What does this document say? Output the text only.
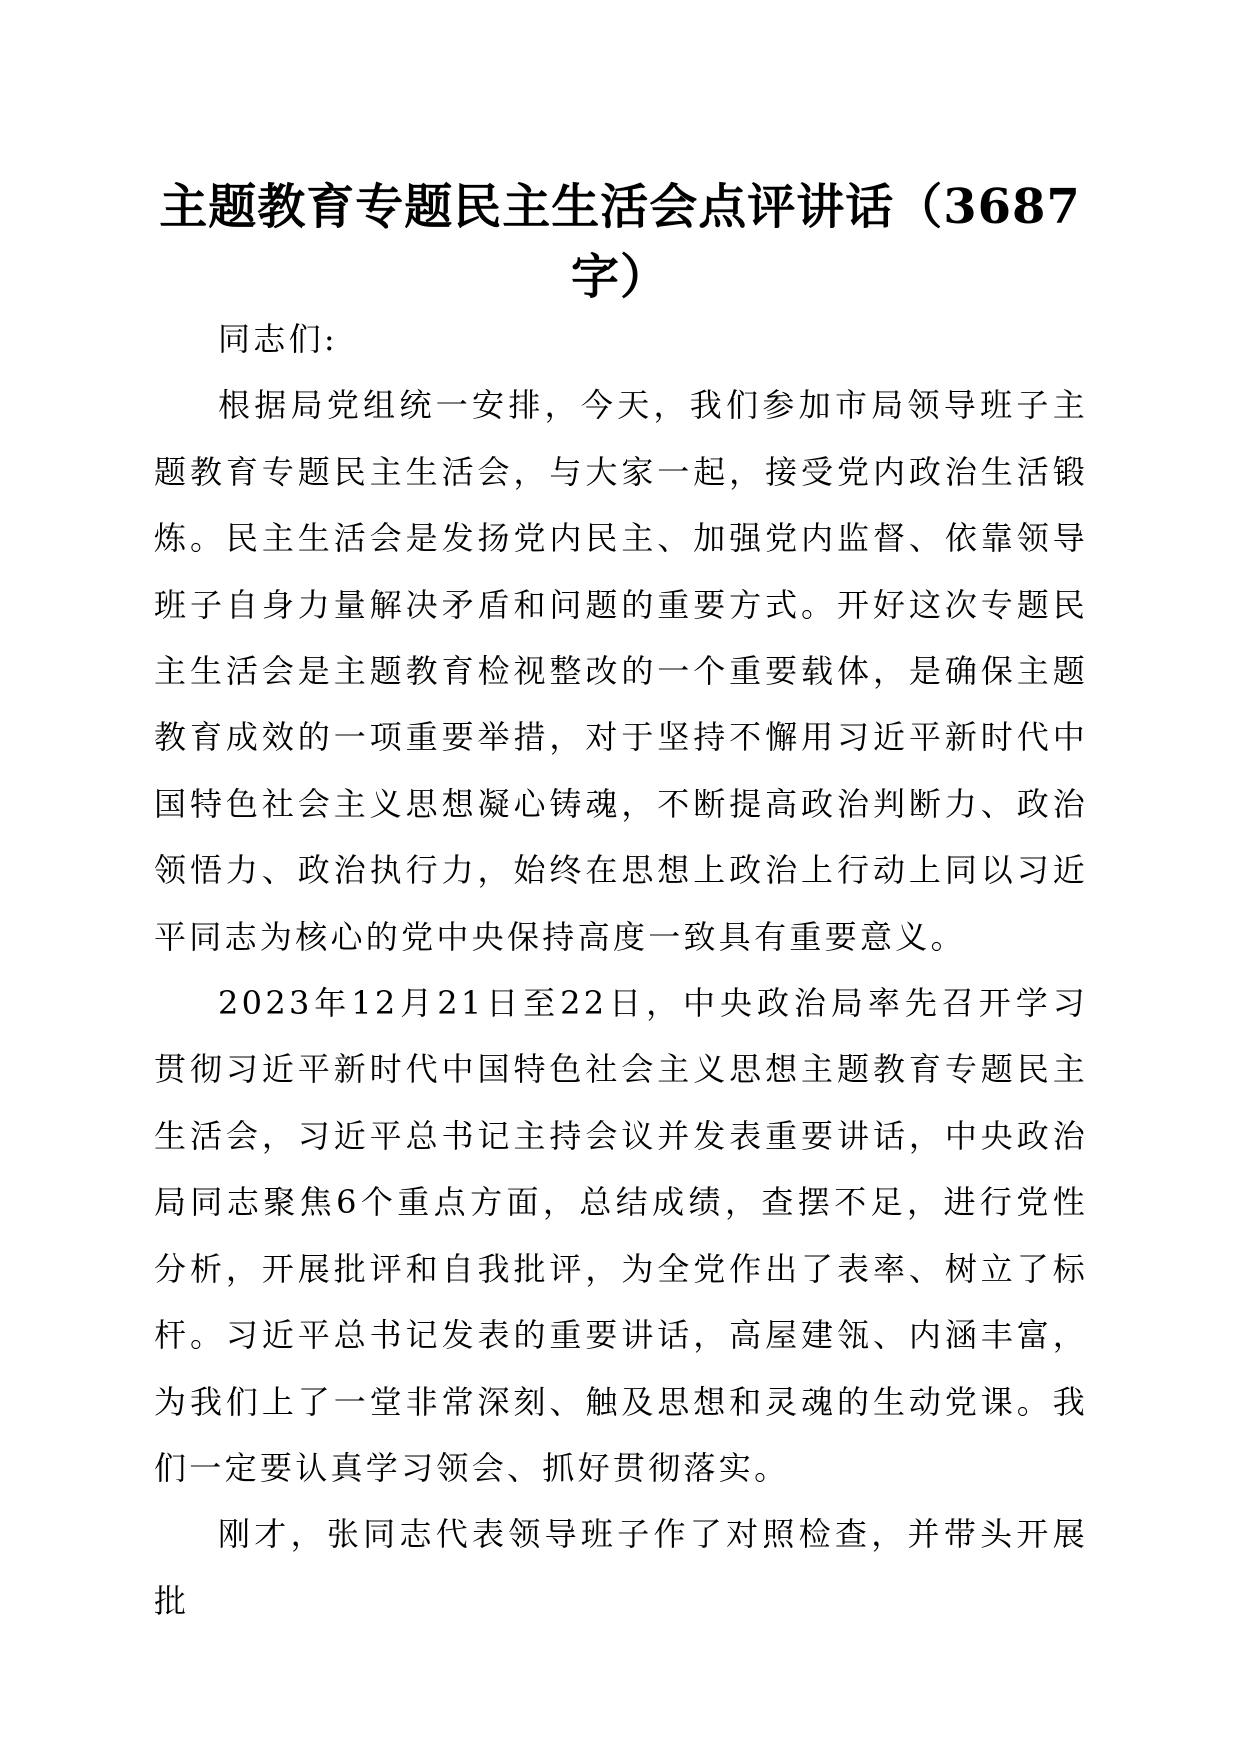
主题教育专题民主生活会点评讲话（3687字）

同志们:

根据局党组统一安排，今天，我们参加市局领导班子主题教育专题民主生活会，与大家一起，接受党内政治生活锻炼。民主生活会是发扬党内民主、加强党内监督、依靠领导班子自身力量解决矛盾和问题的重要方式。开好这次专题民主生活会是主题教育检视整改的一个重要载体，是确保主题教育成效的一项重要举措，对于坚持不懈用习近平新时代中国特色社会主义思想凝心铸魂，不断提高政治判断力、政治领悟力、政治执行力，始终在思想上政治上行动上同以习近平同志为核心的党中央保持高度一致具有重要意义。

2023年12月21日至22日，中央政治局率先召开学习贯彻习近平新时代中国特色社会主义思想主题教育专题民主生活会，习近平总书记主持会议并发表重要讲话，中央政治局同志聚焦6个重点方面，总结成绩，查摆不足，进行党性分析，开展批评和自我批评，为全党作出了表率、树立了标杆。习近平总书记发表的重要讲话，高屋建瓴、内涵丰富，为我们上了一堂非常深刻、触及思想和灵魂的生动党课。我们一定要认真学习领会、抓好贯彻落实。

刚才，张同志代表领导班子作了对照检查，并带头开展批
